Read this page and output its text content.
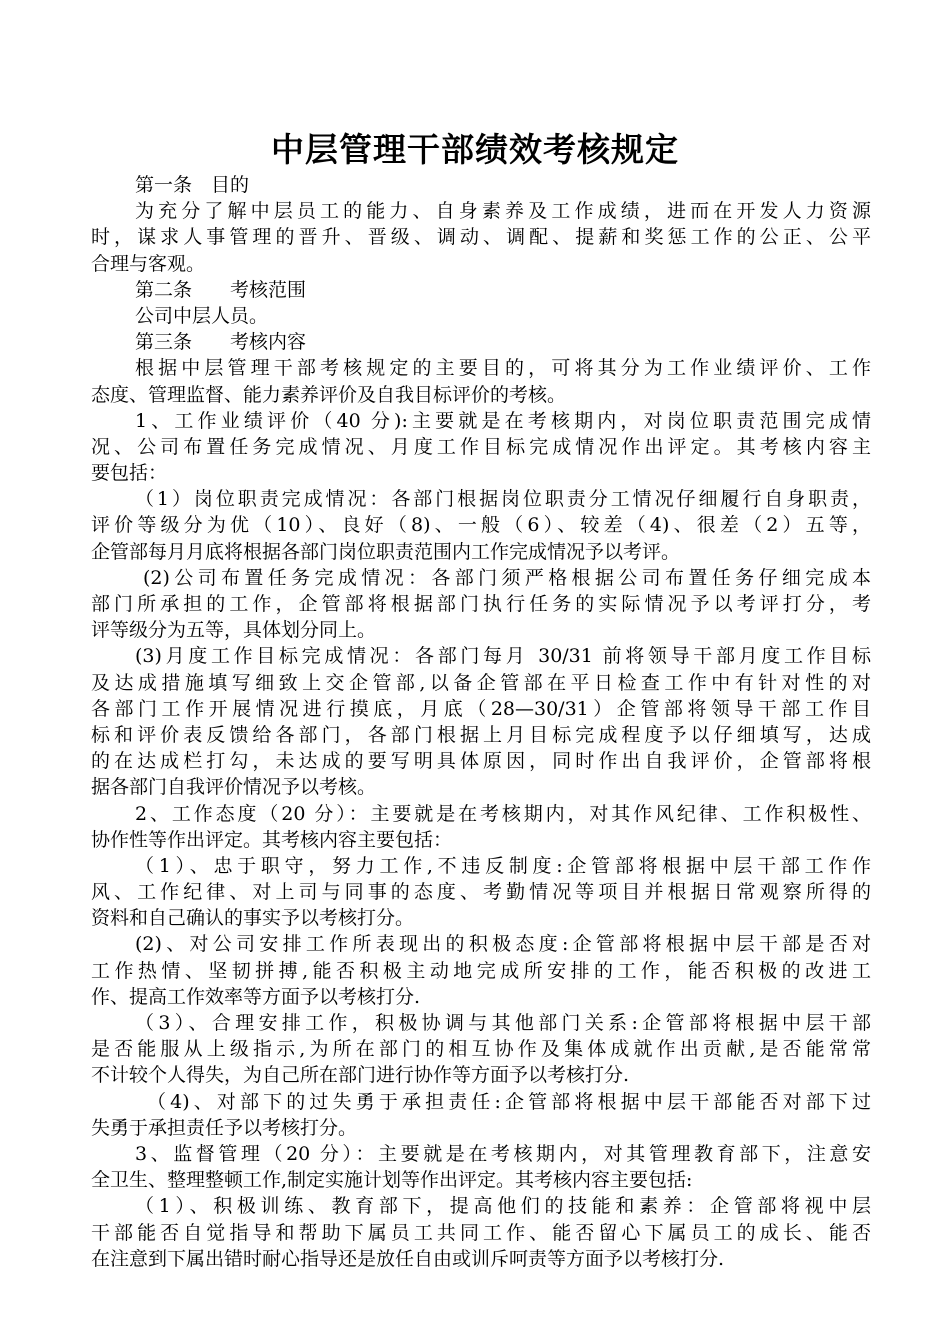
中层管理干部绩效考核规定
第一条　目的
为充分了解中层员工的能力、自身素养及工作成绩，进而在开发人力资源
时，谋求人事管理的晋升、晋级、调动、调配、提薪和奖惩工作的公正、公平
合理与客观。
第二条　　考核范围
公司中层人员。
第三条　　考核内容
根据中层管理干部考核规定的主要目的，可将其分为工作业绩评价、工作
态度、管理监督、能力素养评价及自我目标评价的考核。
1、工作业绩评价（40 分):主要就是在考核期内，对岗位职责范围完成情
况、公司布置任务完成情况、月度工作目标完成情况作出评定。其考核内容主
要包括：
（1）岗位职责完成情况：各部门根据岗位职责分工情况仔细履行自身职责，
评价等级分为优（10）、良好（8)、一般（6）、较差（4)、很差（2）五等，
企管部每月月底将根据各部门岗位职责范围内工作完成情况予以考评。
(2)公司布置任务完成情况：各部门须严格根据公司布置任务仔细完成本
部门所承担的工作，企管部将根据部门执行任务的实际情况予以考评打分，考
评等级分为五等，具体划分同上。
(3)月度工作目标完成情况：各部门每月 30/31 前将领导干部月度工作目标
及达成措施填写细致上交企管部,以备企管部在平日检查工作中有针对性的对
各部门工作开展情况进行摸底，月底（28—30/31）企管部将领导干部工作目
标和评价表反馈给各部门，各部门根据上月目标完成程度予以仔细填写，达成
的在达成栏打勾，未达成的要写明具体原因，同时作出自我评价，企管部将根
据各部门自我评价情况予以考核。
2、工作态度（20 分）：主要就是在考核期内，对其作风纪律、工作积极性、
协作性等作出评定。其考核内容主要包括：
（1）、忠于职守，努力工作,不违反制度:企管部将根据中层干部工作作
风、工作纪律、对上司与同事的态度、考勤情况等项目并根据日常观察所得的
资料和自己确认的事实予以考核打分。
(2)、对公司安排工作所表现出的积极态度:企管部将根据中层干部是否对
工作热情、坚韧拼搏,能否积极主动地完成所安排的工作，能否积极的改进工
作、提高工作效率等方面予以考核打分.
（3）、合理安排工作，积极协调与其他部门关系:企管部将根据中层干部
是否能服从上级指示,为所在部门的相互协作及集体成就作出贡献,是否能常常
不计较个人得失，为自己所在部门进行协作等方面予以考核打分.
（4)、对部下的过失勇于承担责任:企管部将根据中层干部能否对部下过
失勇于承担责任予以考核打分。
3、监督管理（20 分）：主要就是在考核期内，对其管理教育部下，注意安
全卫生、整理整顿工作,制定实施计划等作出评定。其考核内容主要包括:
（1）、积极训练、教育部下，提高他们的技能和素养：企管部将视中层
干部能否自觉指导和帮助下属员工共同工作、能否留心下属员工的成长、能否
在注意到下属出错时耐心指导还是放任自由或训斥呵责等方面予以考核打分.
